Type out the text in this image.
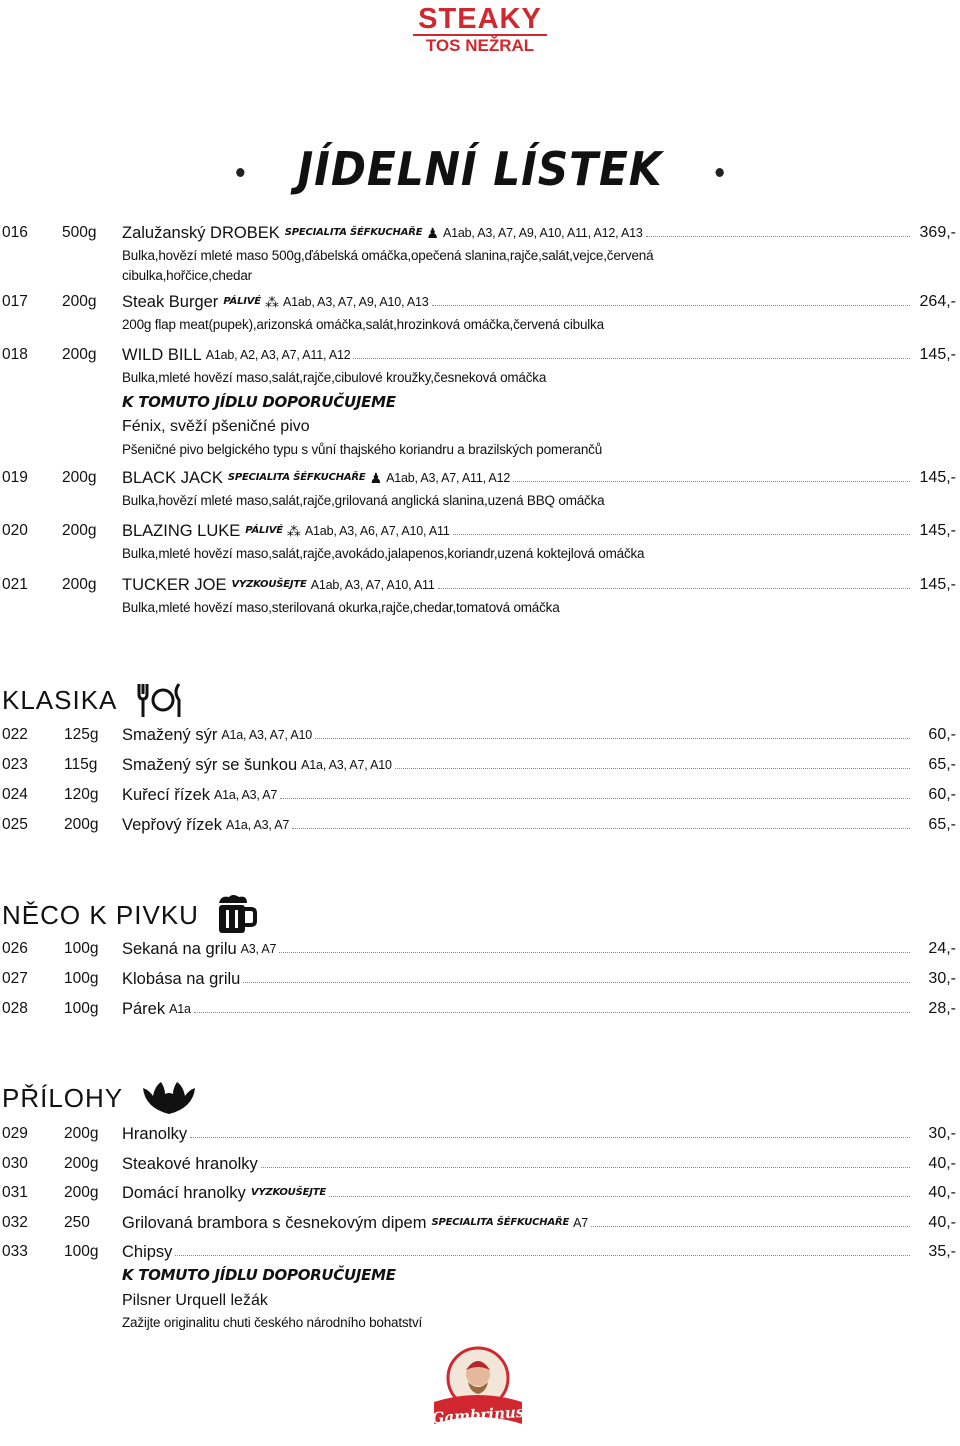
STEAKY
TOS NEŽRAL
JÍDELNÍ LÍSTEK
016 500g Zalužanský DROBEK SPECIALITA ŠÉFKUCHAŘE ♟ A1ab, A3, A7, A9, A10, A11, A12, A13	369,-
Bulka,hovězí mleté maso 500g,ďábelská omáčka,opečená slanina,rajče,salát,vejce,červená
cibulka,hořčice,chedar
017 200g Steak Burger PÁLIVÉ ⁂ A1ab, A3, A7, A9, A10, A13	264,-
200g flap meat(pupek),arizonská omáčka,salát,hrozinková omáčka,červená cibulka
018 200g WILD BILL A1ab, A2, A3, A7, A11, A12	145,-
Bulka,mleté hovězí maso,salát,rajče,cibulové kroužky,česneková omáčka
K TOMUTO JÍDLU DOPORUČUJEME
Fénix, svěží pšeničné pivo
Pšeničné pivo belgického typu s vůní thajského koriandru a brazilských pomerančů
019 200g BLACK JACK SPECIALITA ŠÉFKUCHAŘE ♟ A1ab, A3, A7, A11, A12	145,-
Bulka,hovězí mleté maso,salát,rajče,grilovaná anglická slanina,uzená BBQ omáčka
020 200g BLAZING LUKE PÁLIVÉ ⁂ A1ab, A3, A6, A7, A10, A11	145,-
Bulka,mleté hovězí maso,salát,rajče,avokádo,jalapenos,koriandr,uzená koktejlová omáčka
021 200g TUCKER JOE VYZKOUŠEJTE A1ab, A3, A7, A10, A11	145,-
Bulka,mleté hovězí maso,sterilovaná okurka,rajče,chedar,tomatová omáčka
KLASIKA
022 125g Smažený sýr A1a, A3, A7, A10	60,-
023 115g Smažený sýr se šunkou A1a, A3, A7, A10	65,-
024 120g Kuřecí řízek A1a, A3, A7	60,-
025 200g Vepřový řízek A1a, A3, A7	65,-
NĚCO K PIVKU
026 100g Sekaná na grilu A3, A7	24,-
027 100g Klobása na grilu	30,-
028 100g Párek A1a	28,-
PŘÍLOHY
029 200g Hranolky	30,-
030 200g Steakové hranolky	40,-
031 200g Domácí hranolky VYZKOUŠEJTE	40,-
032 250 Grilovaná brambora s česnekovým dipem SPECIALITA ŠÉFKUCHAŘE A7	40,-
033 100g Chipsy	35,-
K TOMUTO JÍDLU DOPORUČUJEME
Pilsner Urquell ležák
Zažijte originalitu chuti českého národního bohatství
Gambrinus
